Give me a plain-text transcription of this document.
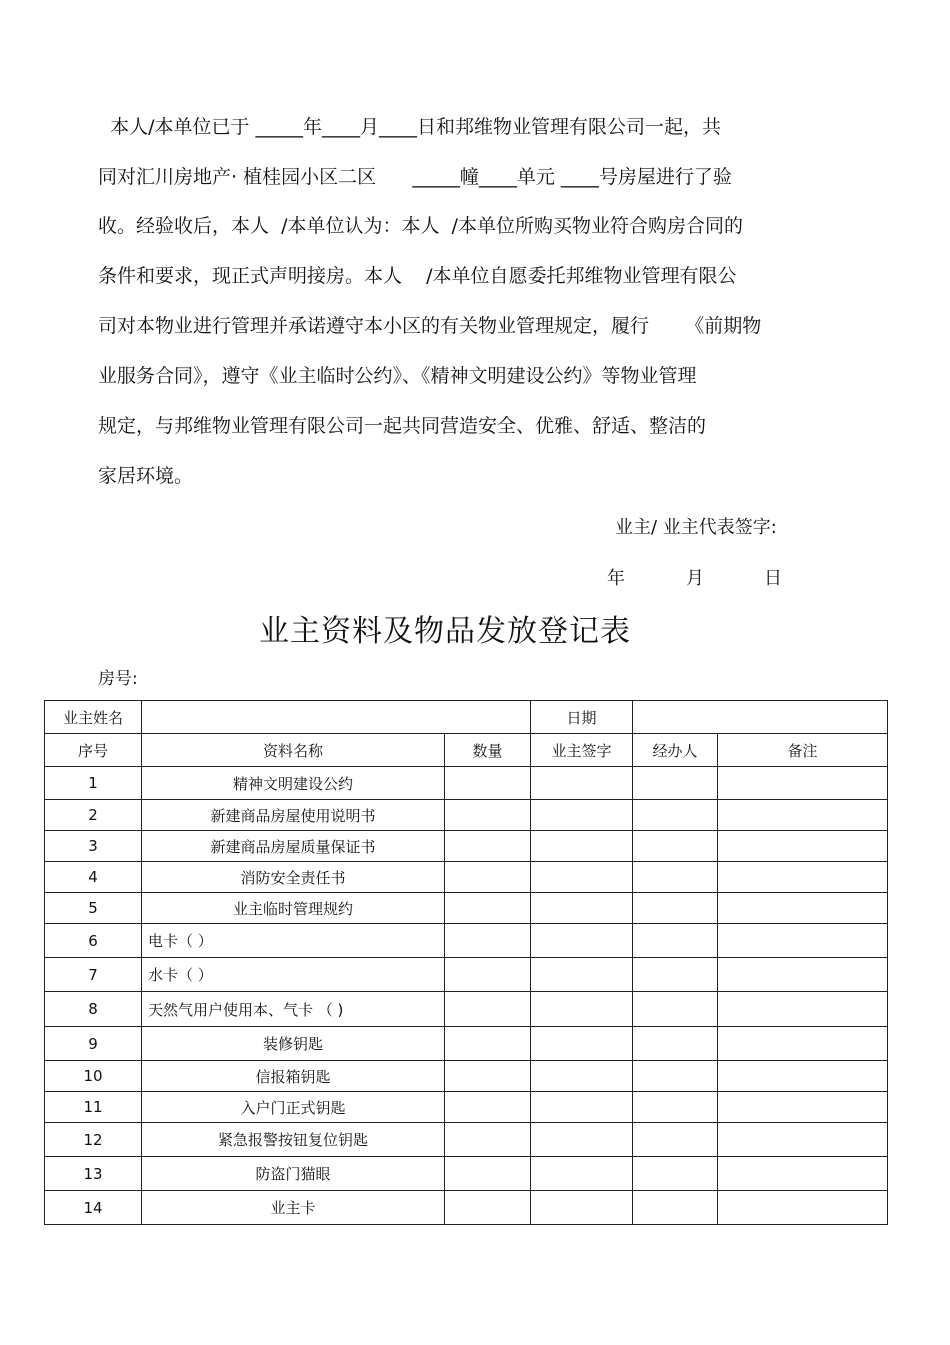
本人/本单位已于 _____年____月____日和邦维物业管理有限公司一起，共
同对汇川房地产· 植桂园小区二区      _____幢____单元 ____号房屋进行了验
收。经验收后，本人  /本单位认为：本人  /本单位所购买物业符合购房合同的
条件和要求，现正式声明接房。本人    /本单位自愿委托邦维物业管理有限公
司对本物业进行管理并承诺遵守本小区的有关物业管理规定，履行      《前期物
业服务合同》，遵守《业主临时公约》、《精神文明建设公约》等物业管理
规定，与邦维物业管理有限公司一起共同营造安全、优雅、舒适、整洁的
家居环境。
业主/ 业主代表签字:
年	月	日
业主资料及物品发放登记表
房号:
业主姓名			日期		
序号	资料名称	数量	业主签字	经办人	备注
1	精神文明建设公约				
2	新建商品房屋使用说明书				
3	新建商品房屋质量保证书				
4	消防安全责任书				
5	业主临时管理规约				
6	电卡（ ）				
7	水卡（ ）				
8	天然气用户使用本、气卡 （ )				
9	装修钥匙				
10	信报箱钥匙				
11	入户门正式钥匙				
12	紧急报警按钮复位钥匙				
13	防盗门猫眼				
14	业主卡				
